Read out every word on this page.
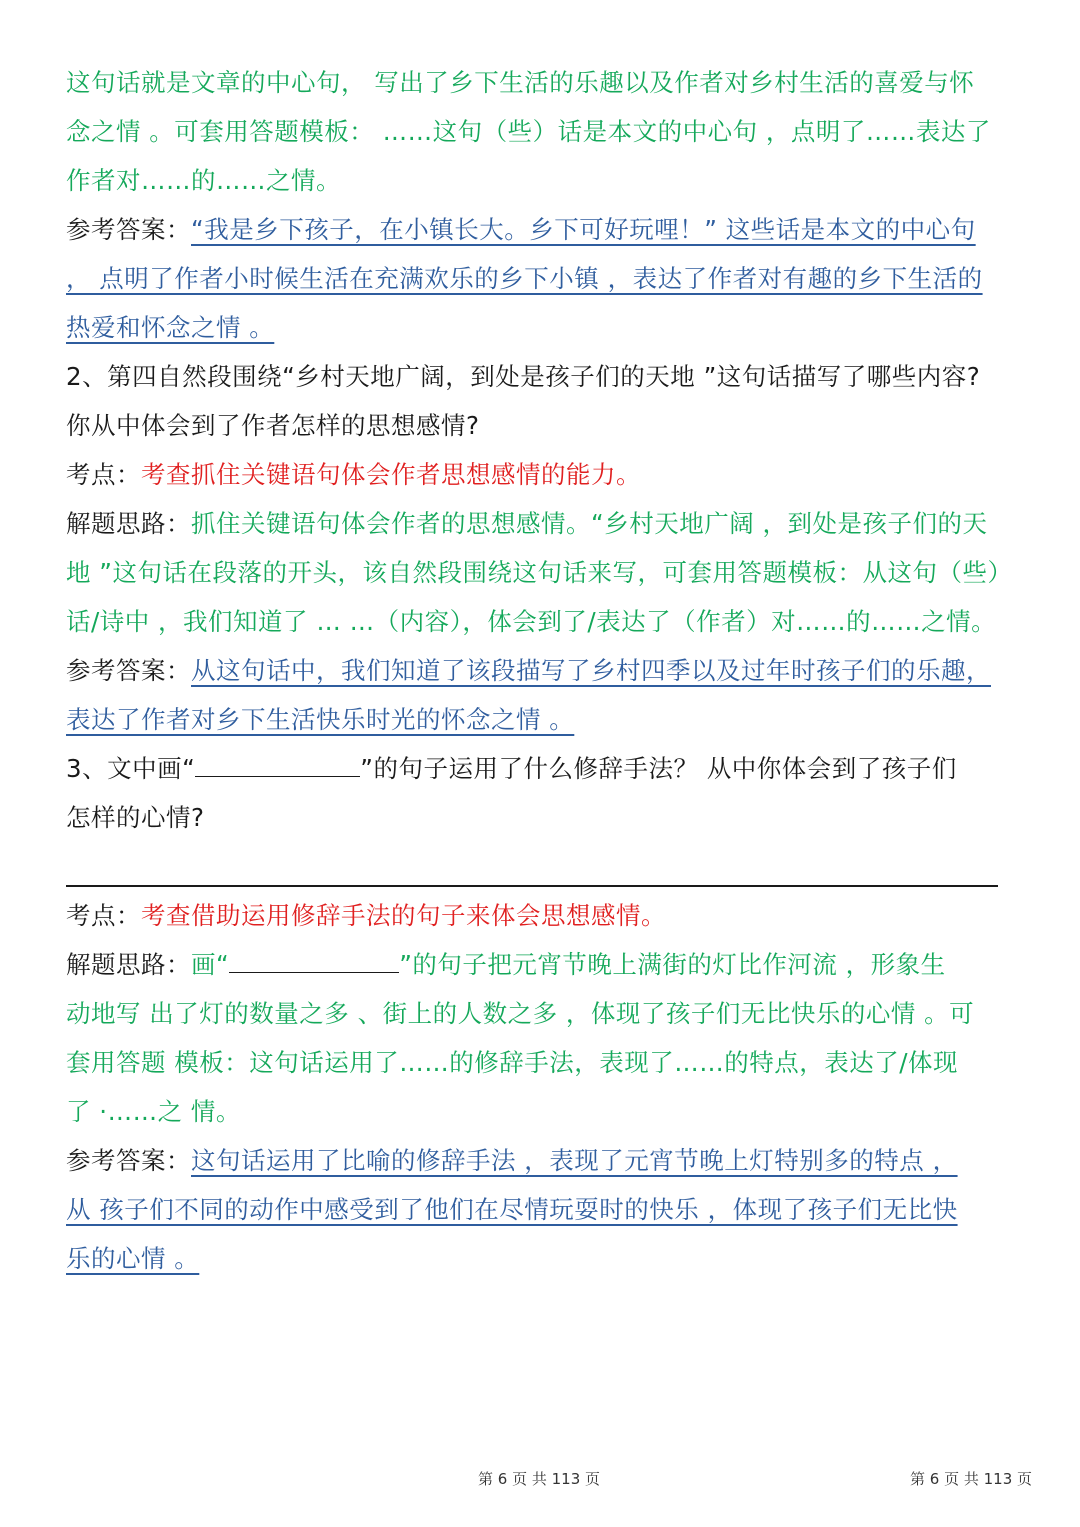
这句话就是文章的中心句， 写出了乡下生活的乐趣以及作者对乡村生活的喜爱与怀
念之情 。可套用答题模板： ……这句（些）话是本文的中心句 ，点明了……表达了
作者对……的……之情。
参考答案：“我是乡下孩子，在小镇长大。乡下可好玩哩！” 这些话是本文的中心句
， 点明了作者小时候生活在充满欢乐的乡下小镇 ，表达了作者对有趣的乡下生活的
热爱和怀念之情 。
2、第四自然段围绕“乡村天地广阔，到处是孩子们的天地 ”这句话描写了哪些内容?
你从中体会到了作者怎样的思想感情?
考点：考查抓住关键语句体会作者思想感情的能力。
解题思路：抓住关键语句体会作者的思想感情。“乡村天地广阔 ，到处是孩子们的天
地 ”这句话在段落的开头，该自然段围绕这句话来写，可套用答题模板：从这句（些）
话/诗中 ，我们知道了 … …（内容），体会到了/表达了（作者）对……的……之情。
参考答案：从这句话中，我们知道了该段描写了乡村四季以及过年时孩子们的乐趣，
表达了作者对乡下生活快乐时光的怀念之情 。
3、文中画“	”的句子运用了什么修辞手法？ 从中你体会到了孩子们
怎样的心情?
考点：考查借助运用修辞手法的句子来体会思想感情。
解题思路：画“	”的句子把元宵节晚上满街的灯比作河流 ，形象生
动地写 出了灯的数量之多 、街上的人数之多 ，体现了孩子们无比快乐的心情 。可
套用答题 模板：这句话运用了……的修辞手法，表现了……的特点，表达了/体现
了 ·……之 情。
参考答案：这句话运用了比喻的修辞手法 ，表现了元宵节晚上灯特别多的特点 ，
从 孩子们不同的动作中感受到了他们在尽情玩耍时的快乐 ，体现了孩子们无比快
乐的心情 。
第 6 页 共 113 页	第 6 页 共 113 页
